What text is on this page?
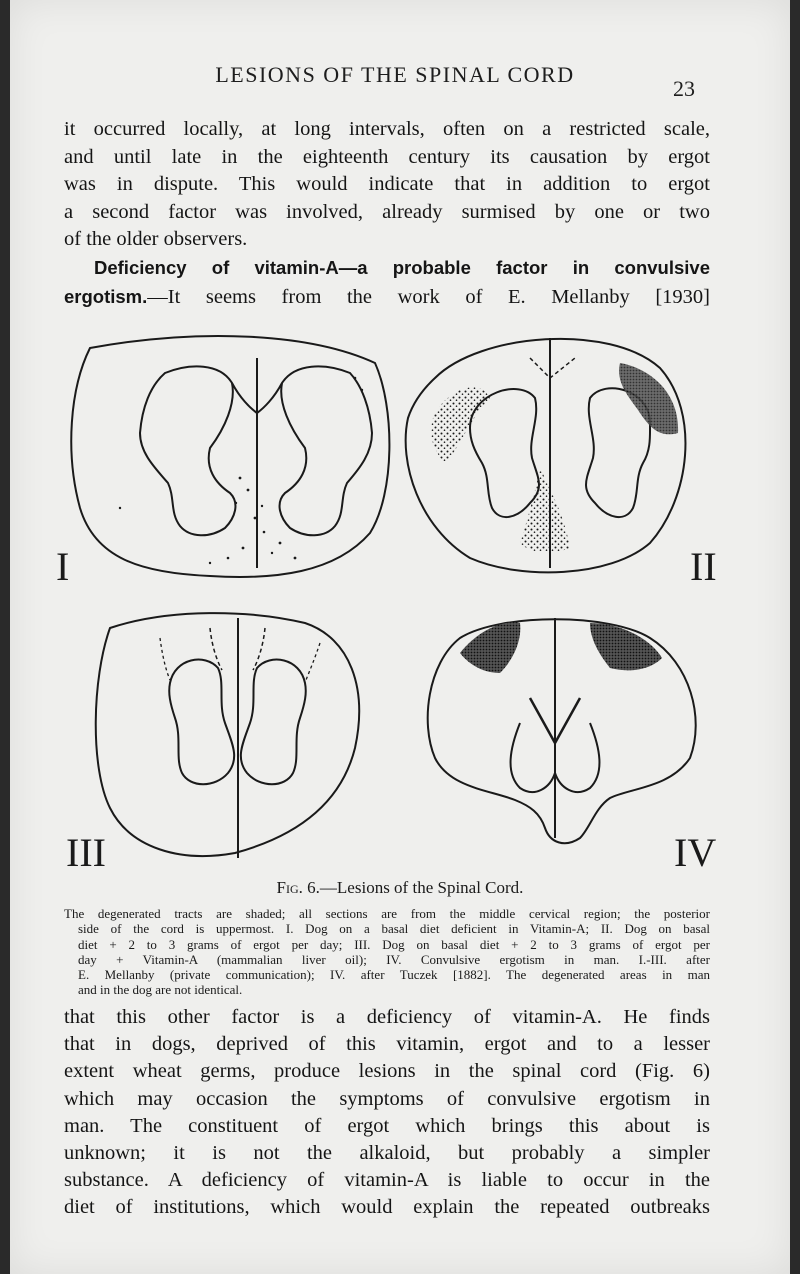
LESIONS OF THE SPINAL CORD
23
it occurred locally, at long intervals, often on a restricted scale,
and until late in the eighteenth century its causation by ergot
was in dispute. This would indicate that in addition to ergot
a second factor was involved, already surmised by one or two
of the older observers.
Deficiency of vitamin-A—a probable factor in convulsive
ergotism.—It seems from the work of E. Mellanby [1930]
I	II
III	IV
Fig. 6.—Lesions of the Spinal Cord.
The degenerated tracts are shaded; all sections are from the middle cervical region; the posterior
side of the cord is uppermost. I. Dog on a basal diet deficient in Vitamin-A; II. Dog on basal
diet + 2 to 3 grams of ergot per day; III. Dog on basal diet + 2 to 3 grams of ergot per
day + Vitamin-A (mammalian liver oil); IV. Convulsive ergotism in man. I.-III. after
E. Mellanby (private communication); IV. after Tuczek [1882]. The degenerated areas in man
and in the dog are not identical.
that this other factor is a deficiency of vitamin-A. He finds
that in dogs, deprived of this vitamin, ergot and to a lesser
extent wheat germs, produce lesions in the spinal cord (Fig. 6)
which may occasion the symptoms of convulsive ergotism in
man. The constituent of ergot which brings this about is
unknown; it is not the alkaloid, but probably a simpler
substance. A deficiency of vitamin-A is liable to occur in the
diet of institutions, which would explain the repeated outbreaks
